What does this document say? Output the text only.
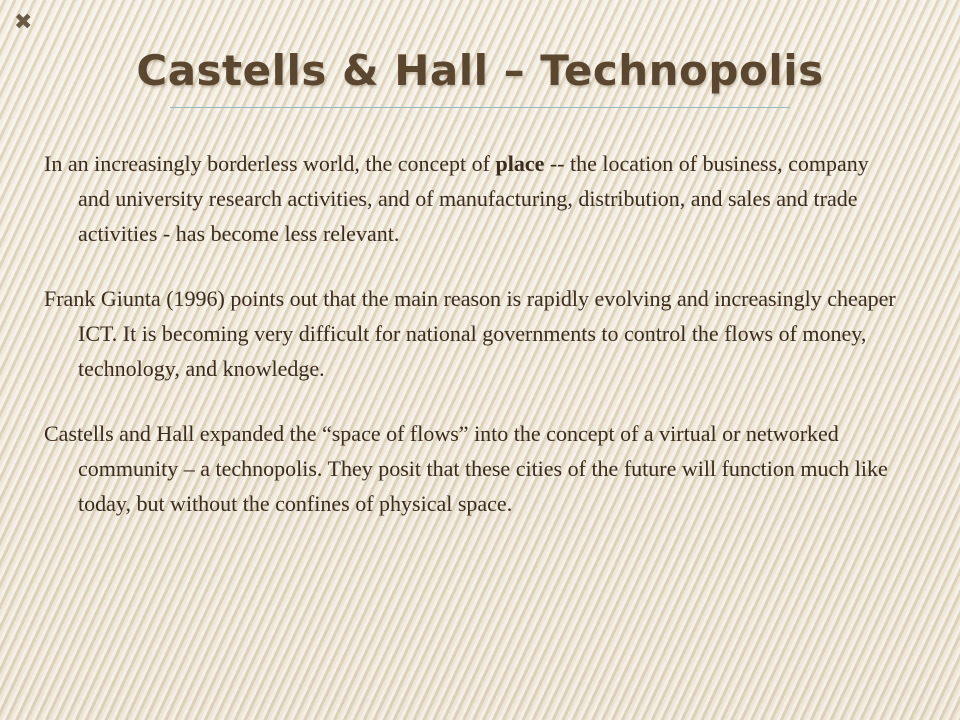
✖
Castells & Hall – Technopolis

In an increasingly borderless world, the concept of place -- the location of business, company and university research activities, and of manufacturing, distribution, and sales and trade activities - has become less relevant.

Frank Giunta (1996) points out that the main reason is rapidly evolving and increasingly cheaper ICT. It is becoming very difficult for national governments to control the flows of money, technology, and knowledge.

Castells and Hall expanded the “space of flows” into the concept of a virtual or networked community – a technopolis. They posit that these cities of the future will function much like today, but without the confines of physical space.
